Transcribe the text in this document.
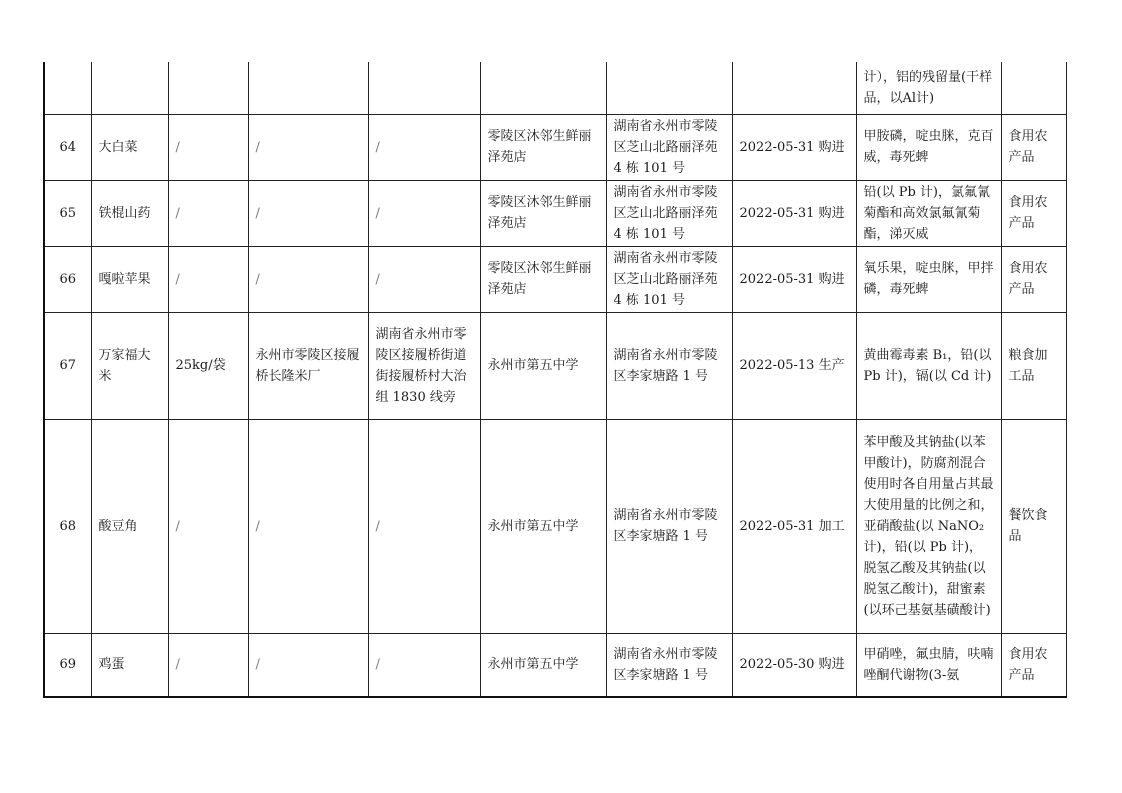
								计），铝的残留量(干样品，以Al计)	
64	大白菜	/	/	/	零陵区沐邻生鲜丽泽苑店	湖南省永州市零陵区芝山北路丽泽苑 4 栋 101 号	2022-05-31 购进	甲胺磷，啶虫脒，克百威，毒死蜱	食用农产品
65	铁棍山药	/	/	/	零陵区沐邻生鲜丽泽苑店	湖南省永州市零陵区芝山北路丽泽苑 4 栋 101 号	2022-05-31 购进	铅(以 Pb 计)，氯氟氰菊酯和高效氯氟氰菊酯，涕灭威	食用农产品
66	嘎啦苹果	/	/	/	零陵区沐邻生鲜丽泽苑店	湖南省永州市零陵区芝山北路丽泽苑 4 栋 101 号	2022-05-31 购进	氧乐果，啶虫脒，甲拌磷，毒死蜱	食用农产品
67	万家福大米	25kg/袋	永州市零陵区接履桥长隆米厂	湖南省永州市零陵区接履桥街道街接履桥村大治组 1830 线旁	永州市第五中学	湖南省永州市零陵区李家塘路 1 号	2022-05-13 生产	黄曲霉毒素 B₁，铅(以 Pb 计)，镉(以 Cd 计)	粮食加工品
68	酸豆角	/	/	/	永州市第五中学	湖南省永州市零陵区李家塘路 1 号	2022-05-31 加工	苯甲酸及其钠盐(以苯甲酸计)，防腐剂混合使用时各自用量占其最大使用量的比例之和，亚硝酸盐(以 NaNO₂计)，铅(以 Pb 计)，脱氢乙酸及其钠盐(以脱氢乙酸计)，甜蜜素(以环己基氨基磺酸计)	餐饮食品
69	鸡蛋	/	/	/	永州市第五中学	湖南省永州市零陵区李家塘路 1 号	2022-05-30 购进	甲硝唑，氟虫腈，呋喃唑酮代谢物(3-氨	食用农产品
